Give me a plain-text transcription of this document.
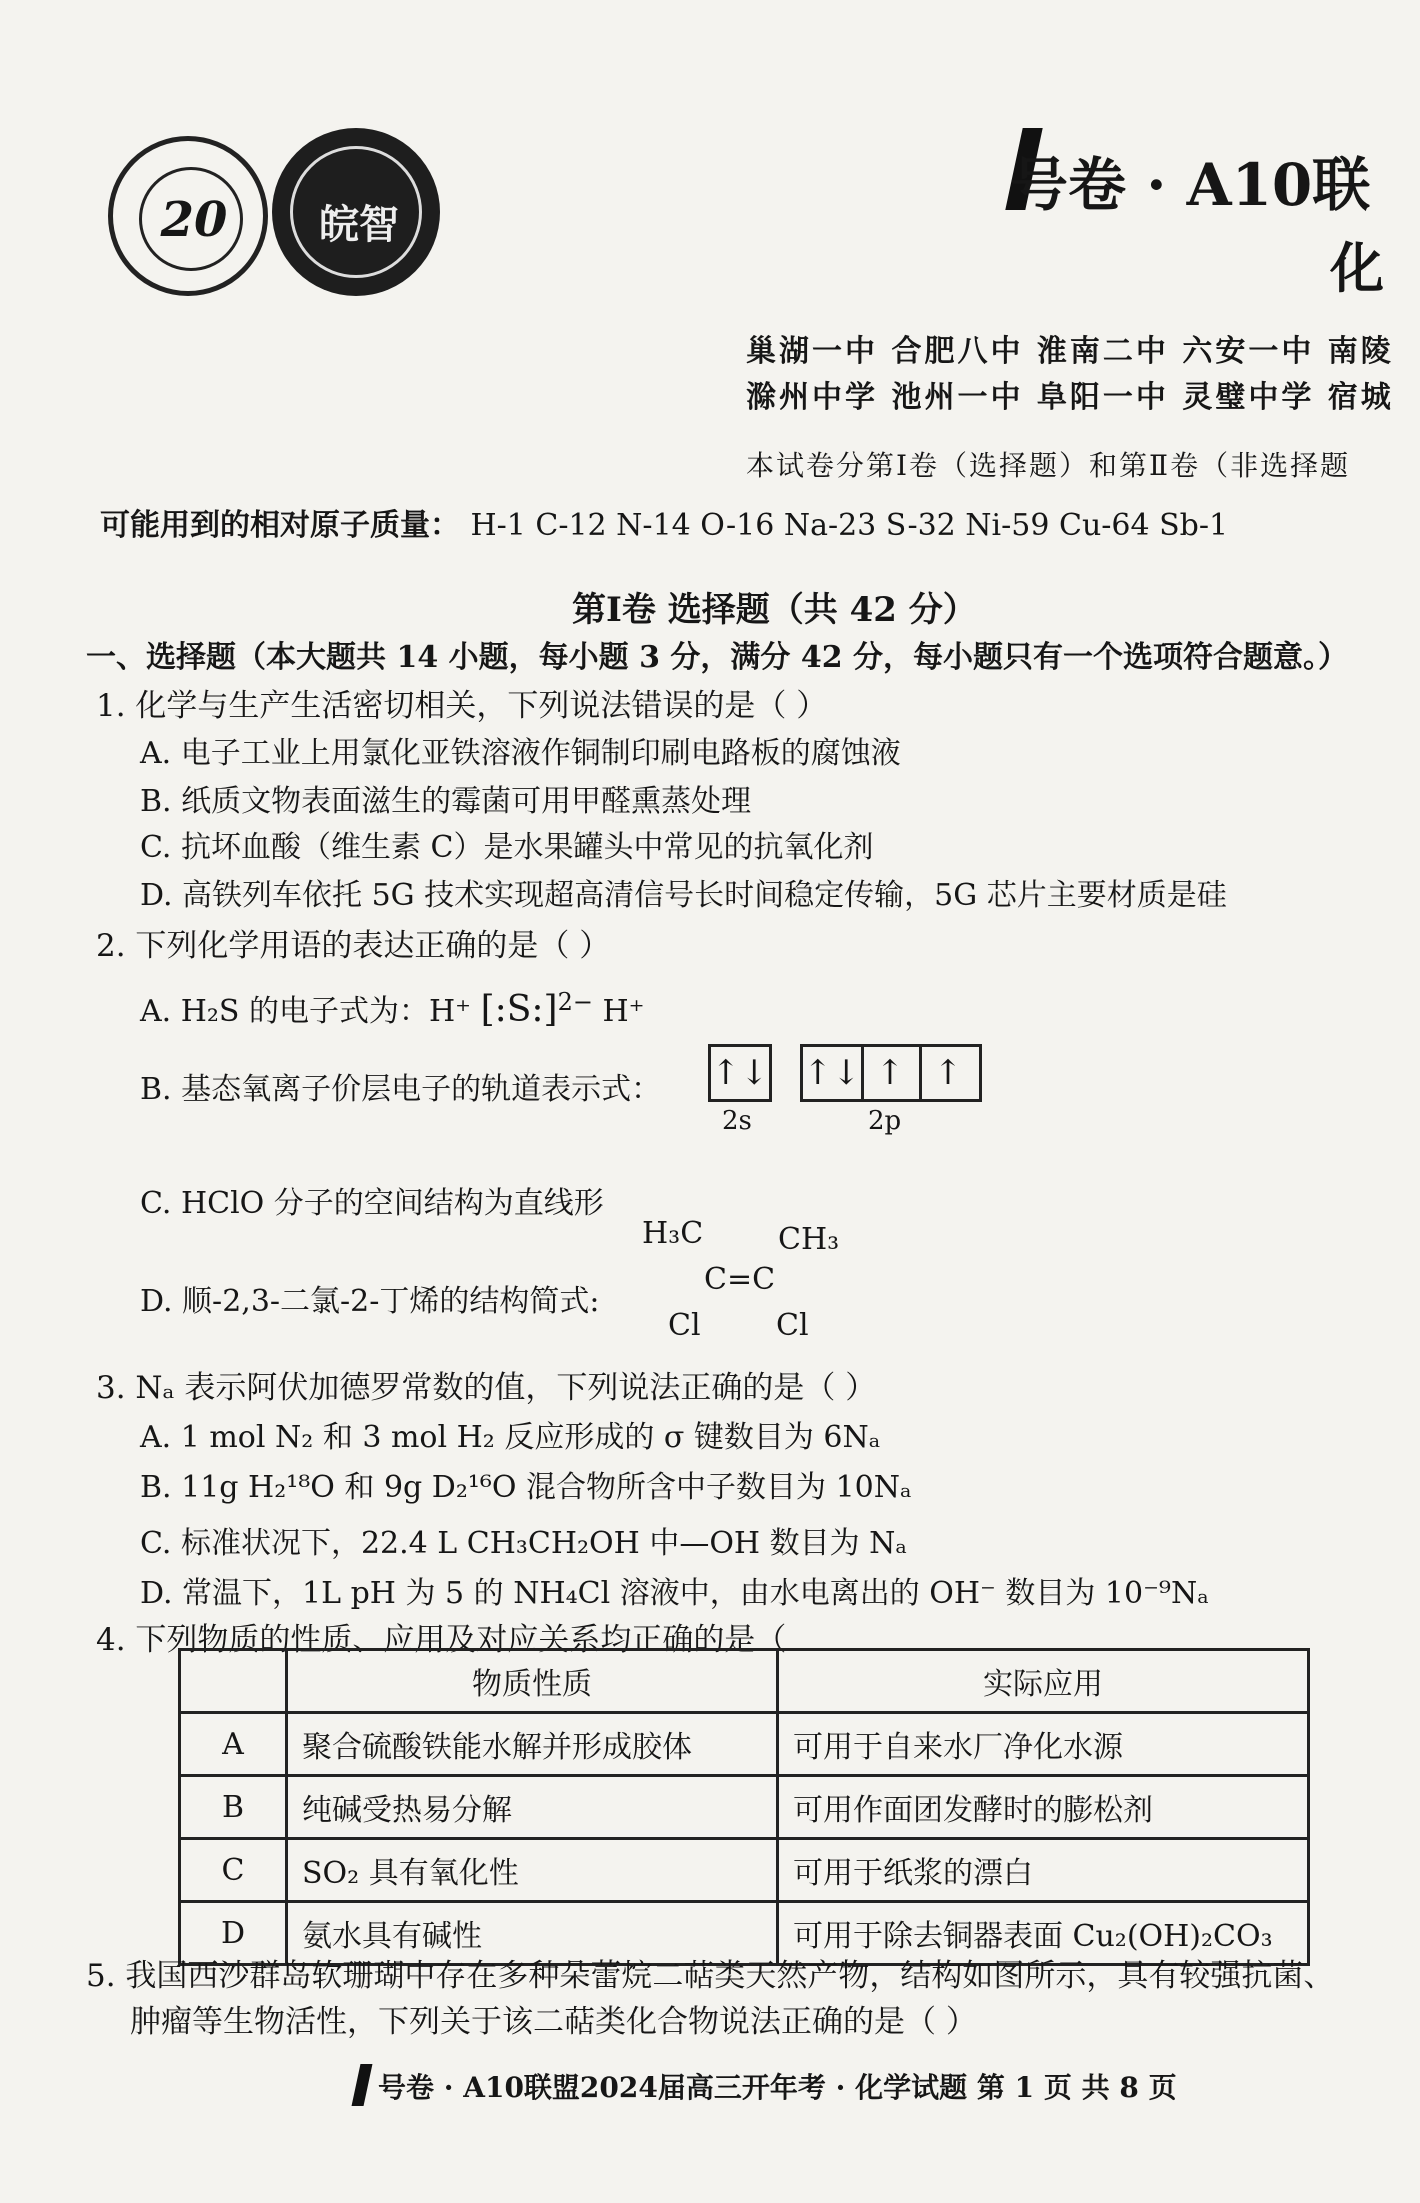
20	皖智
号卷 · A10联
化
巢湖一中 合肥八中 淮南二中 六安一中 南陵
滁州中学 池州一中 阜阳一中 灵璧中学 宿城
本试卷分第Ⅰ卷（选择题）和第Ⅱ卷（非选择题
可能用到的相对原子质量： H-1 C-12 N-14 O-16 Na-23 S-32 Ni-59 Cu-64 Sb-1
第Ⅰ卷 选择题（共 42 分）
一、选择题（本大题共 14 小题，每小题 3 分，满分 42 分，每小题只有一个选项符合题意。）
1. 化学与生产生活密切相关，下列说法错误的是（ ）
A. 电子工业上用氯化亚铁溶液作铜制印刷电路板的腐蚀液
B. 纸质文物表面滋生的霉菌可用甲醛熏蒸处理
C. 抗坏血酸（维生素 C）是水果罐头中常见的抗氧化剂
D. 高铁列车依托 5G 技术实现超高清信号长时间稳定传输，5G 芯片主要材质是硅
2. 下列化学用语的表达正确的是（ ）
A. H₂S 的电子式为：H⁺ [:S:]$^{2-}$ H⁺
B. 基态氧离子价层电子的轨道表示式： ↑↓ ↑↓ ↑ ↑
2s	2p
C. HClO 分子的空间结构为直线形
D. 顺-2,3-二氯-2-丁烯的结构简式:
H₃C CH₃
C=C
Cl	Cl
3. Nₐ 表示阿伏加德罗常数的值，下列说法正确的是（ ）
A. 1 mol N₂ 和 3 mol H₂ 反应形成的 σ 键数目为 6Nₐ
B. 11g H₂¹⁸O 和 9g D₂¹⁶O 混合物所含中子数目为 10Nₐ
C. 标准状况下，22.4 L CH₃CH₂OH 中—OH 数目为 Nₐ
D. 常温下，1L pH 为 5 的 NH₄Cl 溶液中，由水电离出的 OH⁻ 数目为 10⁻⁹Nₐ
4. 下列物质的性质、应用及对应关系均正确的是（
	物质性质	实际应用
A	聚合硫酸铁能水解并形成胶体	可用于自来水厂净化水源
B	纯碱受热易分解	可用作面团发酵时的膨松剂
C	SO₂ 具有氧化性	可用于纸浆的漂白
D	氨水具有碱性	可用于除去铜器表面 Cu₂(OH)₂CO₃
5. 我国西沙群岛软珊瑚中存在多种朵蕾烷二萜类天然产物，结构如图所示，具有较强抗菌、
肿瘤等生物活性，下列关于该二萜类化合物说法正确的是（ ）
号卷 · A10联盟2024届高三开年考 · 化学试题 第 1 页 共 8 页
